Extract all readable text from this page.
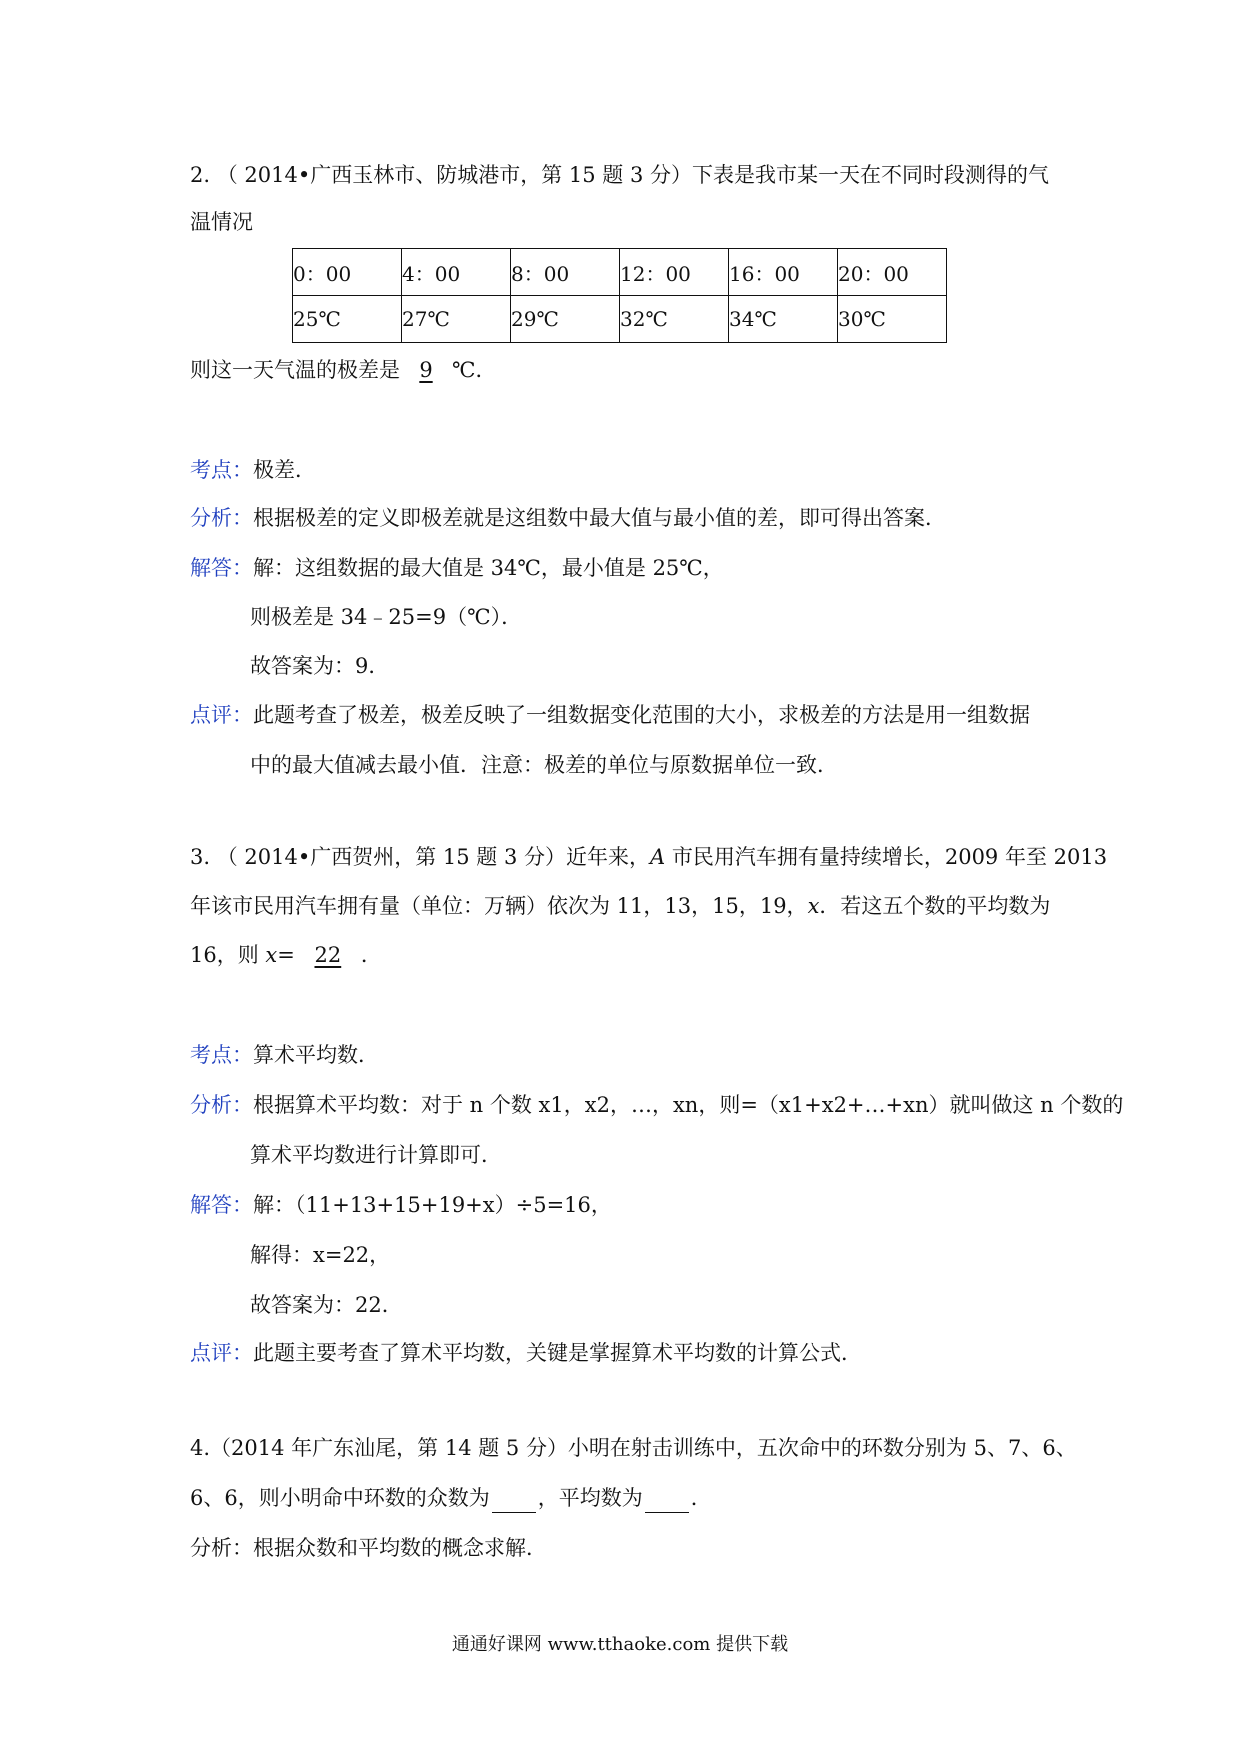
2. （ 2014•广西玉林市、防城港市，第 15 题 3 分）下表是我市某一天在不同时段测得的气
温情况
0：00	4：00	8：00	12：00	16：00	20：00
25℃	27℃	29℃	32℃	34℃	30℃
则这一天气温的极差是 9 ℃．
考点：极差．
分析：根据极差的定义即极差就是这组数中最大值与最小值的差，即可得出答案．
解答：解：这组数据的最大值是 34℃，最小值是 25℃，
则极差是 34﹣25=9（℃）．
故答案为：9．
点评：此题考查了极差，极差反映了一组数据变化范围的大小，求极差的方法是用一组数据
中的最大值减去最小值．注意：极差的单位与原数据单位一致．
3. （ 2014•广西贺州，第 15 题 3 分）近年来，A 市民用汽车拥有量持续增长，2009 年至 2013
年该市民用汽车拥有量（单位：万辆）依次为 11，13，15，19，x．若这五个数的平均数为
16，则 x= 22 ．
考点：算术平均数．
分析：根据算术平均数：对于 n 个数 x1，x2，…，xn，则=（x1+x2+…+xn）就叫做这 n 个数的
算术平均数进行计算即可．
解答：解：（11+13+15+19+x）÷5=16，
解得：x=22，
故答案为：22．
点评：此题主要考查了算术平均数，关键是掌握算术平均数的计算公式．
4.（2014 年广东汕尾，第 14 题 5 分）小明在射击训练中，五次命中的环数分别为 5、7、6、
6、6，则小明命中环数的众数为 ，平均数为 ．
分析：根据众数和平均数的概念求解．
通通好课网 www.tthaoke.com 提供下载
